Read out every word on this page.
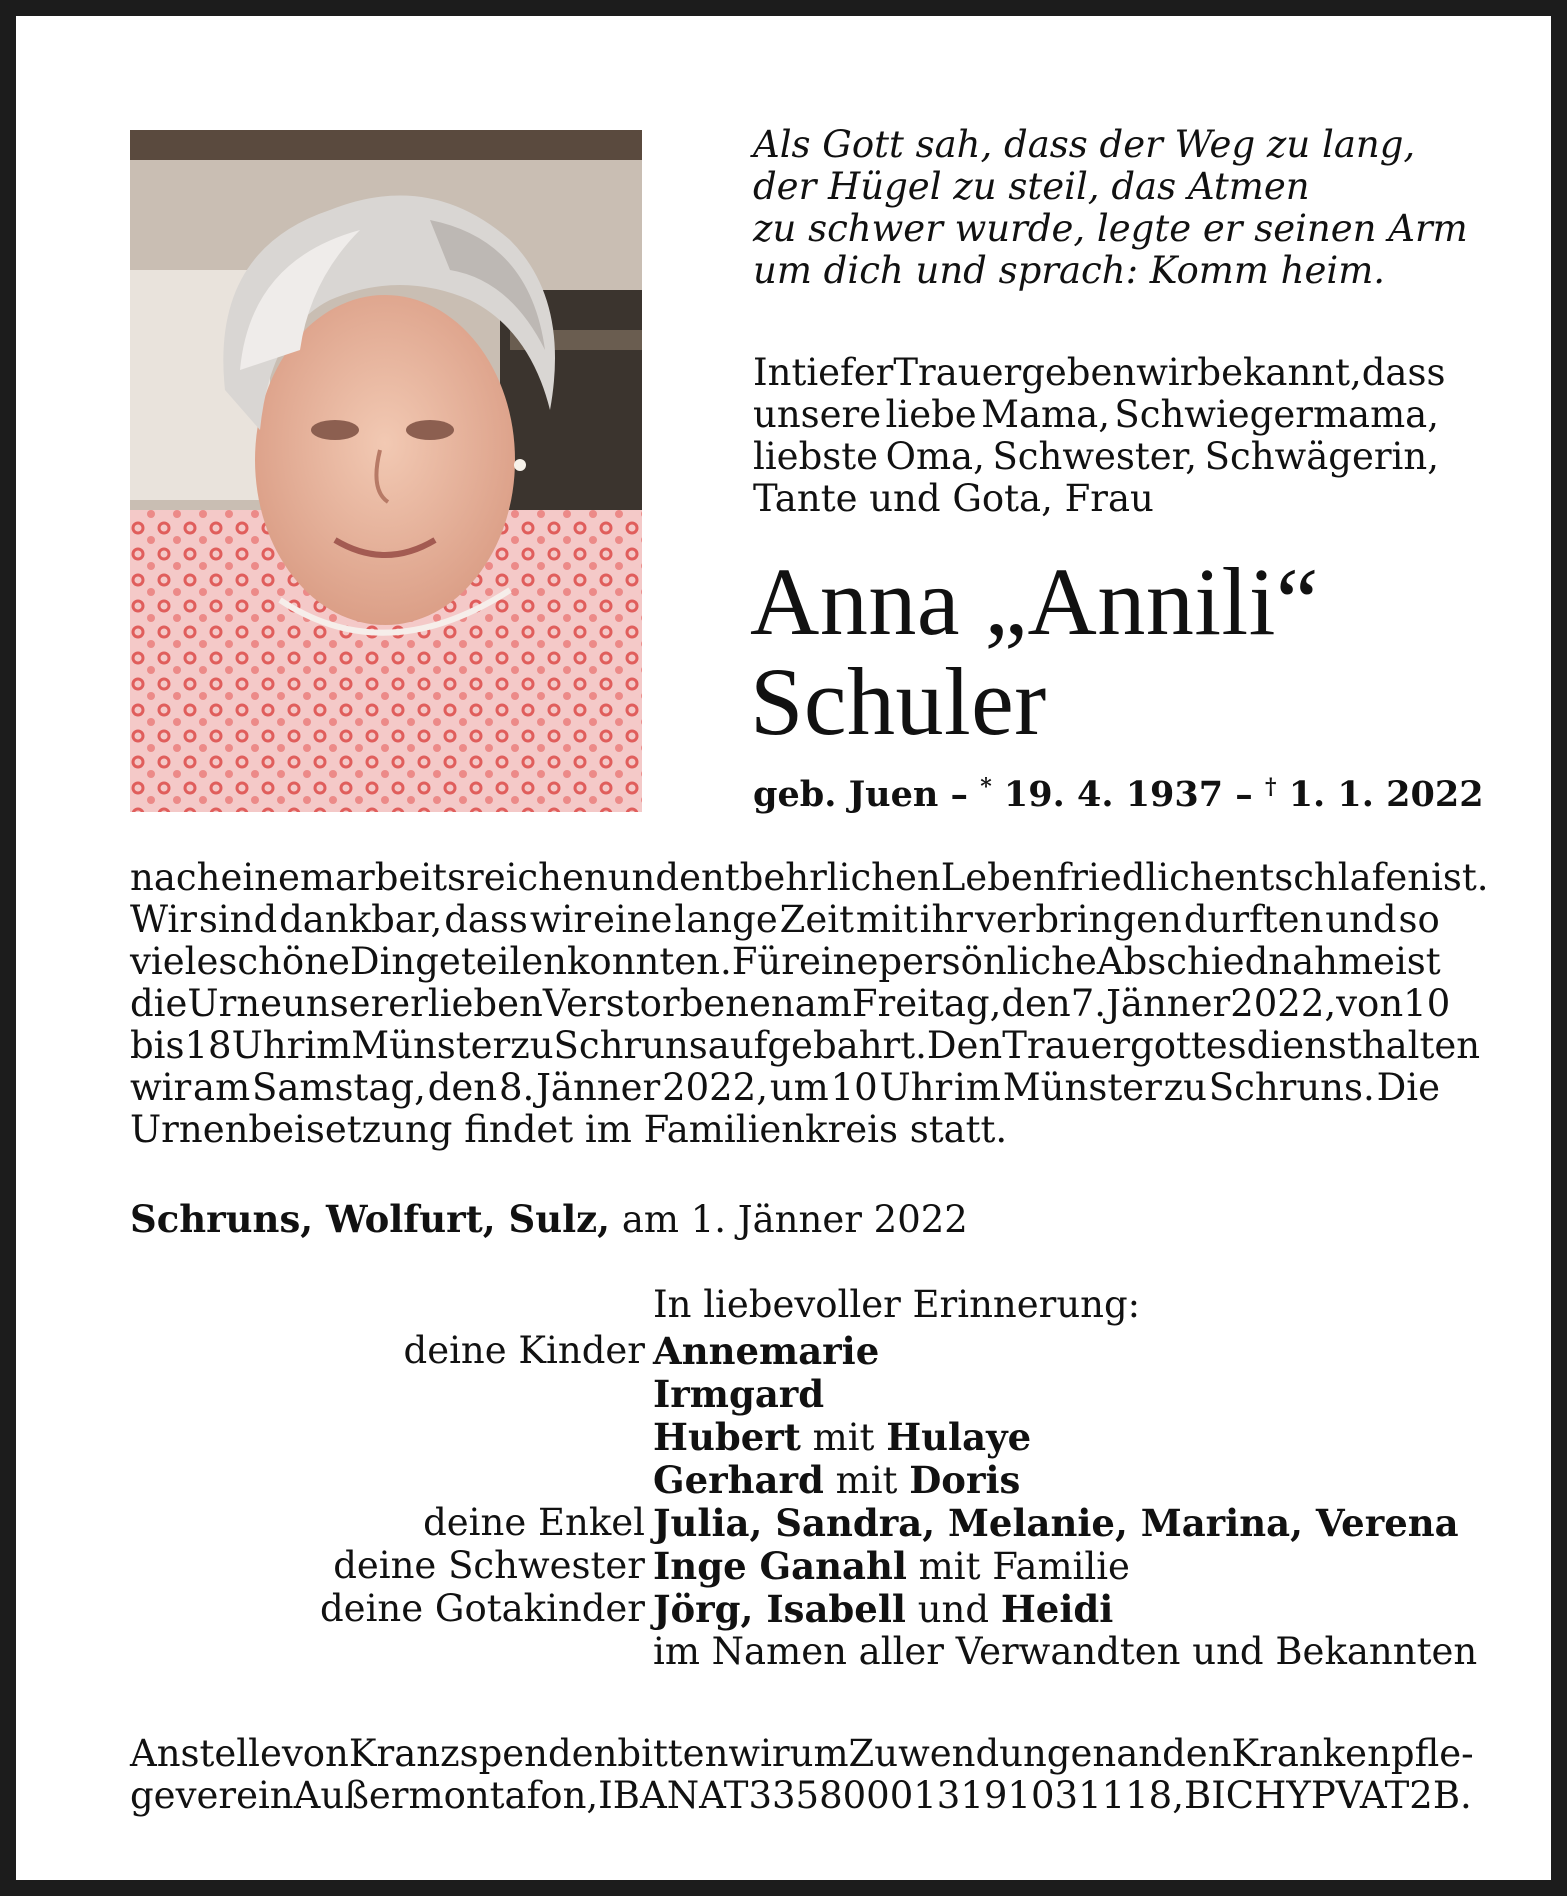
Als Gott sah, dass der Weg zu lang,
der Hügel zu steil, das Atmen
zu schwer wurde, legte er seinen Arm
um dich und sprach: Komm heim.
In tiefer Trauer geben wir bekannt, dass
unsere liebe Mama, Schwiegermama,
liebste Oma, Schwester, Schwägerin,
Tante und Gota, Frau
Anna „Annili“
Schuler
geb. Juen – * 19. 4. 1937 – † 1. 1. 2022
nach einem arbeitsreichen und entbehrlichen Leben friedlich entschlafen ist.
Wir sind dankbar, dass wir eine lange Zeit mit ihr verbringen durften und so
viele schöne Dinge teilen konnten. Für eine persönliche Abschiednahme ist
die Urne unserer lieben Verstorbenen am Freitag, den 7. Jänner 2022, von 10
bis 18 Uhr im Münster zu Schruns aufgebahrt. Den Trauergottesdienst halten
wir am Samstag, den 8. Jänner 2022, um 10 Uhr im Münster zu Schruns. Die
Urnenbeisetzung findet im Familienkreis statt.
Schruns, Wolfurt, Sulz, am 1. Jänner 2022
In liebevoller Erinnerung:
deine Kinder Annemarie
Irmgard
Hubert mit Hulaye
Gerhard mit Doris
deine Enkel Julia, Sandra, Melanie, Marina, Verena
deine Schwester Inge Ganahl mit Familie
deine Gotakinder Jörg, Isabell und Heidi
im Namen aller Verwandten und Bekannten
Anstelle von Kranzspenden bitten wir um Zuwendungen an den Krankenpfle-
geverein Außermontafon, IBAN AT33 5800 0131 9103 1118, BIC HYPVAT2B.
